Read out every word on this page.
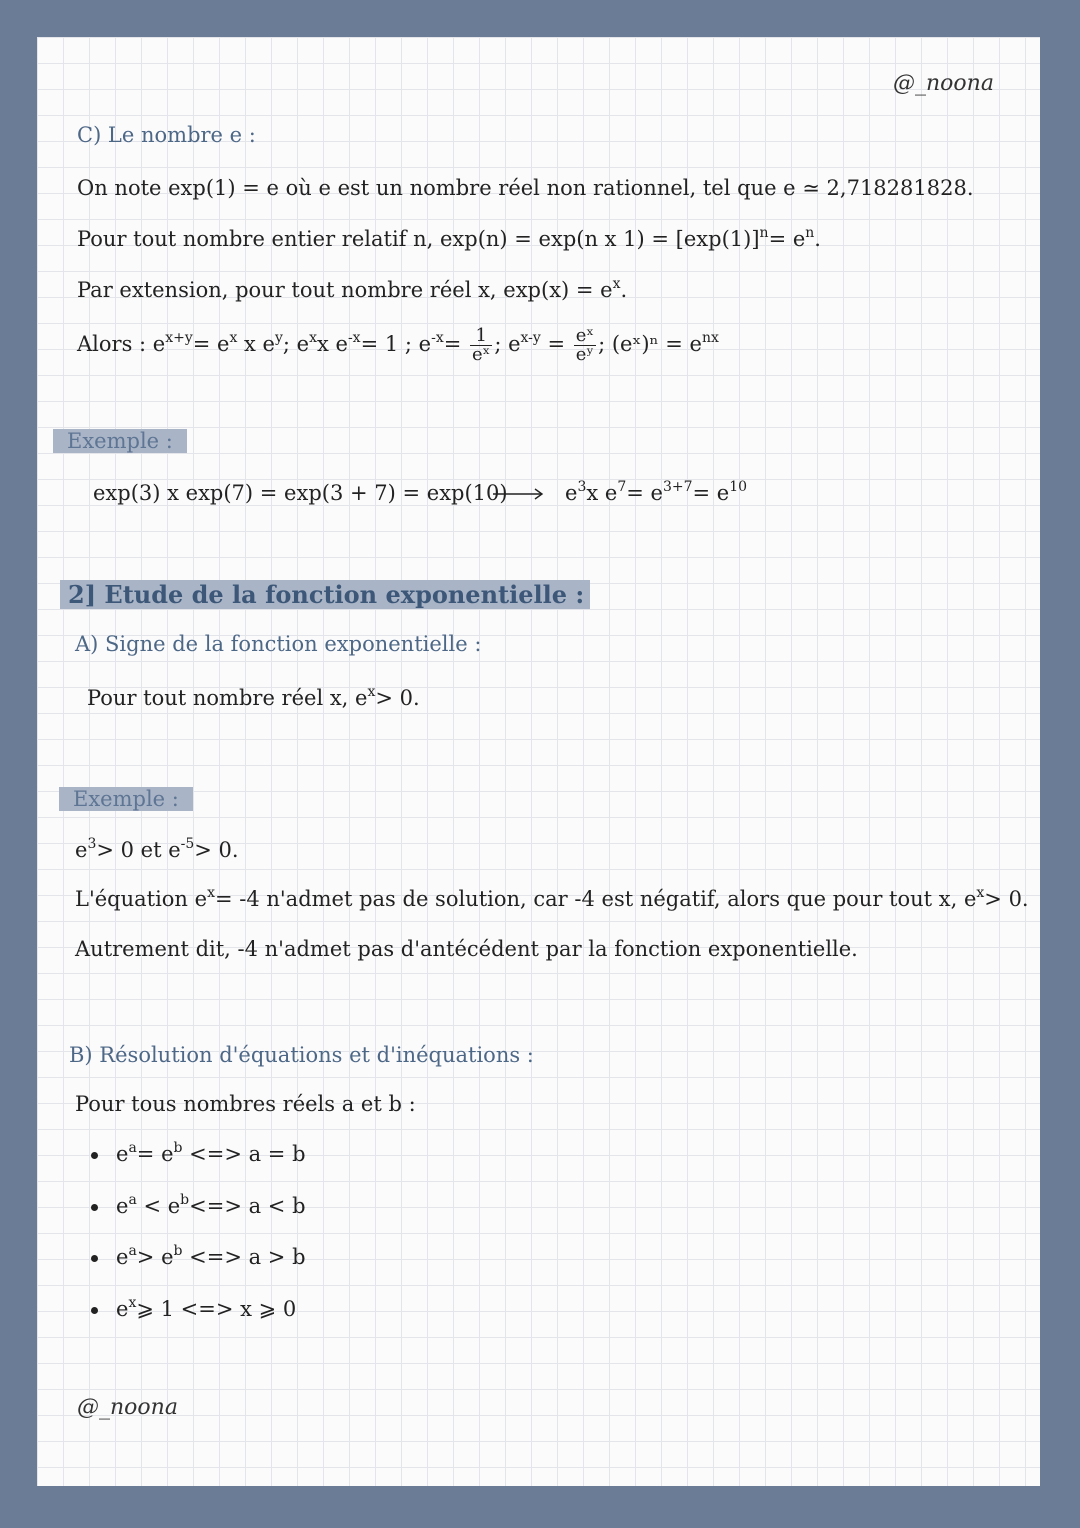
@_noona
C) Le nombre e :
On note exp(1) = e où e est un nombre réel non rationnel, tel que e ≃ 2,718281828.
Pour tout nombre entier relatif n, exp(n) = exp(n x $1) = [\exp(1)]^n= e^n$.
Par extension, pour tout nombre réel x, $\exp(x) = e^x$.
Alors : $e^{x+y}= e^x$ x $e^y$; $e^xx$ $e^{-x}= 1$ ; $e^{-x}= \frac{1}{\text{eˣ}}$ ; $e^{x-y} = \frac{\text{eˣ}}{\text{eʸ}}$ ; (eˣ)ⁿ = $e^{nx}$
Exemple :
exp(3) x exp(7) = exp(3 + 7) = exp(10)	$e^3x$ $e^7= e^{3+7}= e^{10}$
2] Etude de la fonction exponentielle :
A) Signe de la fonction exponentielle :
Pour tout nombre réel x, $e^x> 0$.
Exemple :
$e^3> 0$ et $e^{-5}> 0$.
L'équation $e^x= -4$ n'admet pas de solution, car -4 est négatif, alors que pour tout x, $e^x> 0$.
Autrement dit, -4 n'admet pas d'antécédent par la fonction exponentielle.
B) Résolution d'équations et d'inéquations :
Pour tous nombres réels a et b :
$e^a= e^b$ <=> a = b
$e^a < e^b<=> a < b$
$e^a> e^b$ <=> a > b
$e^x⩾$ 1 <=> x ⩾ 0
@_noona
